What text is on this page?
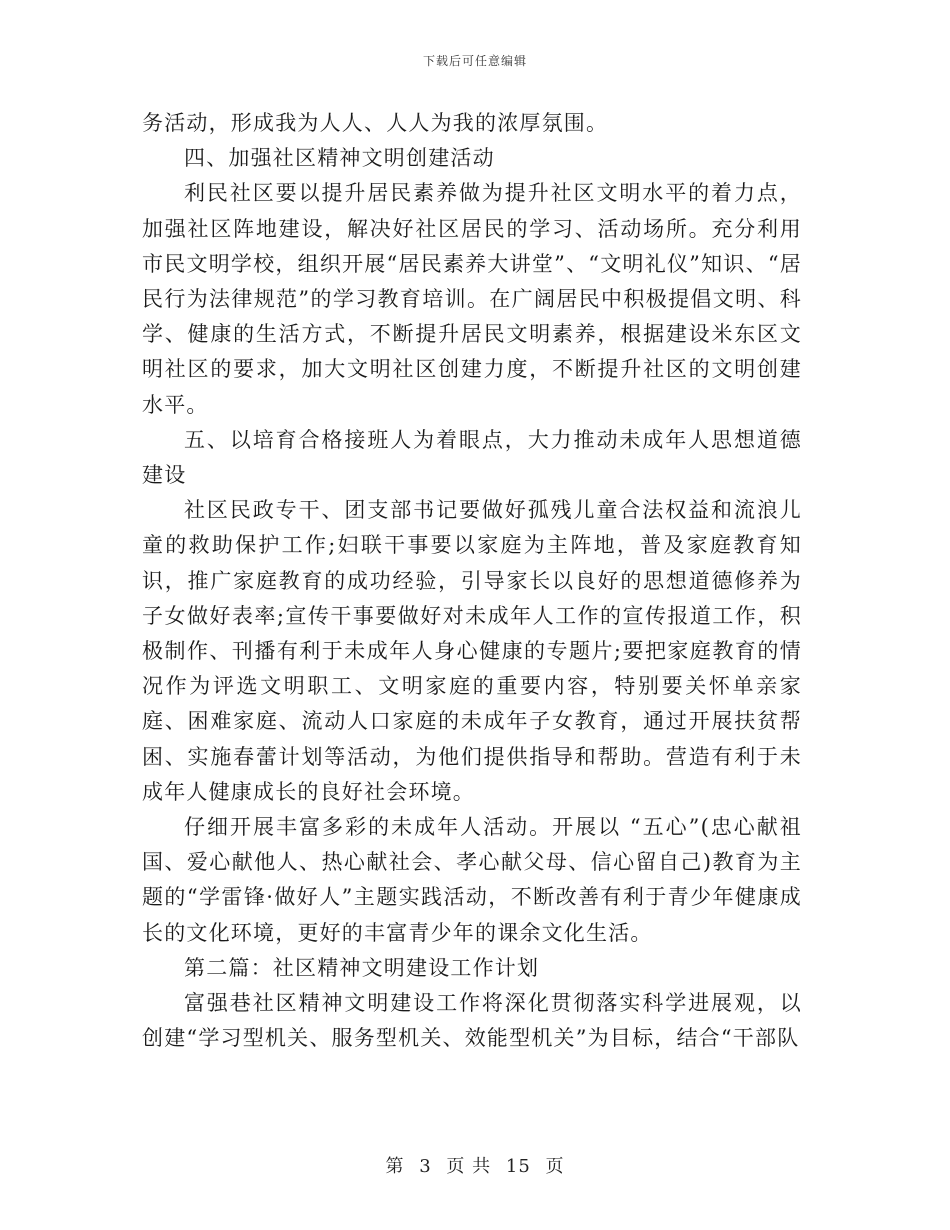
下载后可任意编辑

务活动，形成我为人人、人人为我的浓厚氛围。

四、加强社区精神文明创建活动

利民社区要以提升居民素养做为提升社区文明水平的着力点，加强社区阵地建设，解决好社区居民的学习、活动场所。充分利用市民文明学校，组织开展“居民素养大讲堂”、“文明礼仪”知识、“居民行为法律规范”的学习教育培训。在广阔居民中积极提倡文明、科学、健康的生活方式，不断提升居民文明素养，根据建设米东区文明社区的要求，加大文明社区创建力度，不断提升社区的文明创建水平。

五、以培育合格接班人为着眼点，大力推动未成年人思想道德建设

社区民政专干、团支部书记要做好孤残儿童合法权益和流浪儿童的救助保护工作;妇联干事要以家庭为主阵地，普及家庭教育知识，推广家庭教育的成功经验，引导家长以良好的思想道德修养为子女做好表率;宣传干事要做好对未成年人工作的宣传报道工作，积极制作、刊播有利于未成年人身心健康的专题片;要把家庭教育的情况作为评选文明职工、文明家庭的重要内容，特别要关怀单亲家庭、困难家庭、流动人口家庭的未成年子女教育，通过开展扶贫帮困、实施春蕾计划等活动，为他们提供指导和帮助。营造有利于未成年人健康成长的良好社会环境。

仔细开展丰富多彩的未成年人活动。开展以 “五心”(忠心献祖国、爱心献他人、热心献社会、孝心献父母、信心留自己)教育为主题的“学雷锋·做好人”主题实践活动，不断改善有利于青少年健康成长的文化环境，更好的丰富青少年的课余文化生活。

第二篇：社区精神文明建设工作计划

富强巷社区精神文明建设工作将深化贯彻落实科学进展观，以创建“学习型机关、服务型机关、效能型机关”为目标，结合“干部队

第 3 页 共 15 页
